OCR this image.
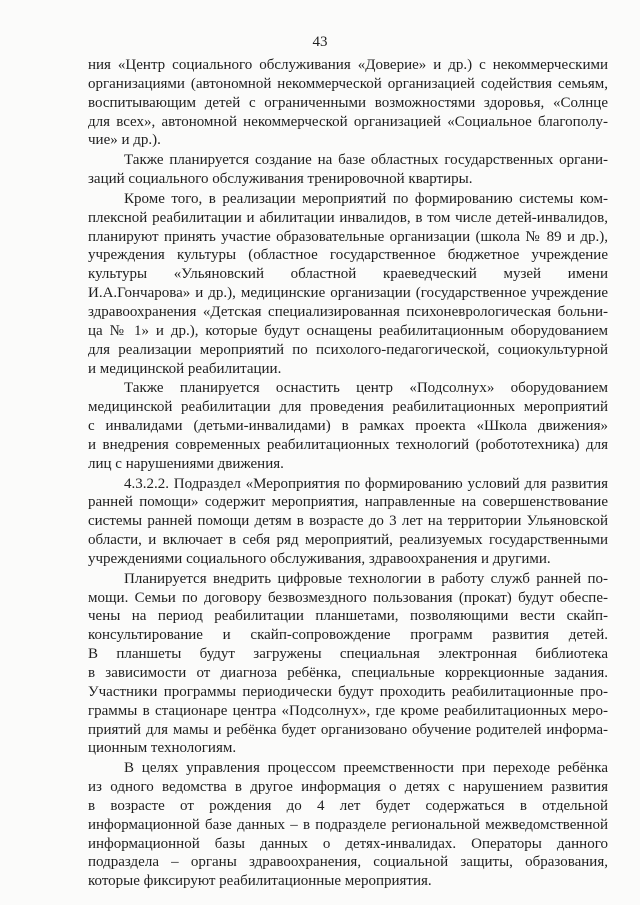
43
ния «Центр социального обслуживания «Доверие» и др.) с некоммерческими
организациями (автономной некоммерческой организацией содействия семьям,
воспитывающим детей с ограниченными возможностями здоровья, «Солнце
для всех», автономной некоммерческой организацией «Социальное благополу-
чие» и др.).
Также планируется создание на базе областных государственных органи-
заций социального обслуживания тренировочной квартиры.
Кроме того, в реализации мероприятий по формированию системы ком-
плексной реабилитации и абилитации инвалидов, в том числе детей-инвалидов,
планируют принять участие образовательные организации (школа № 89 и др.),
учреждения культуры (областное государственное бюджетное учреждение
культуры «Ульяновский областной краеведческий музей имени
И.А.Гончарова» и др.), медицинские организации (государственное учреждение
здравоохранения «Детская специализированная психоневрологическая больни-
ца № 1» и др.), которые будут оснащены реабилитационным оборудованием
для реализации мероприятий по психолого-педагогической, социокультурной
и медицинской реабилитации.
Также планируется оснастить центр «Подсолнух» оборудованием
медицинской реабилитации для проведения реабилитационных мероприятий
с инвалидами (детьми-инвалидами) в рамках проекта «Школа движения»
и внедрения современных реабилитационных технологий (робототехника) для
лиц с нарушениями движения.
4.3.2.2. Подраздел «Мероприятия по формированию условий для развития
ранней помощи» содержит мероприятия, направленные на совершенствование
системы ранней помощи детям в возрасте до 3 лет на территории Ульяновской
области, и включает в себя ряд мероприятий, реализуемых государственными
учреждениями социального обслуживания, здравоохранения и другими.
Планируется внедрить цифровые технологии в работу служб ранней по-
мощи. Семьи по договору безвозмездного пользования (прокат) будут обеспе-
чены на период реабилитации планшетами, позволяющими вести скайп-
консультирование и скайп-сопровождение программ развития детей.
В планшеты будут загружены специальная электронная библиотека
в зависимости от диагноза ребёнка, специальные коррекционные задания.
Участники программы периодически будут проходить реабилитационные про-
граммы в стационаре центра «Подсолнух», где кроме реабилитационных меро-
приятий для мамы и ребёнка будет организовано обучение родителей информа-
ционным технологиям.
В целях управления процессом преемственности при переходе ребёнка
из одного ведомства в другое информация о детях с нарушением развития
в возрасте от рождения до 4 лет будет содержаться в отдельной
информационной базе данных – в подразделе региональной межведомственной
информационной базы данных о детях-инвалидах. Операторы данного
подраздела – органы здравоохранения, социальной защиты, образования,
которые фиксируют реабилитационные мероприятия.
